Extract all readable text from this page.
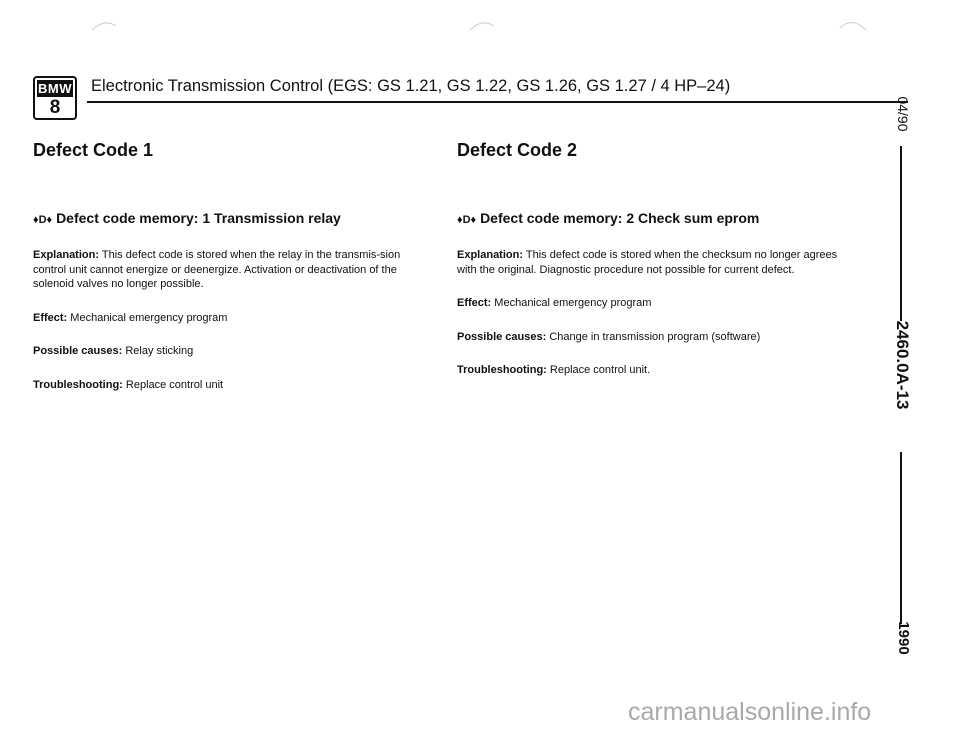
BMW
8
Electronic Transmission Control (EGS: GS 1.21, GS 1.22, GS 1.26, GS 1.27 / 4 HP–24)
Defect Code 1
♦D♦ Defect code memory: 1 Transmission relay

Explanation: This defect code is stored when the relay in the transmis-sion control unit cannot energize or deenergize. Activation or deactivation of the solenoid valves no longer possible.

Effect: Mechanical emergency program

Possible causes: Relay sticking

Troubleshooting: Replace control unit

Defect Code 2
♦D♦ Defect code memory: 2 Check sum eprom

Explanation: This defect code is stored when the checksum no longer agrees with the original. Diagnostic procedure not possible for current defect.

Effect: Mechanical emergency program

Possible causes: Change in transmission program (software)

Troubleshooting: Replace control unit.

04/90
2460.0A-13
1990
carmanualsonline.info
